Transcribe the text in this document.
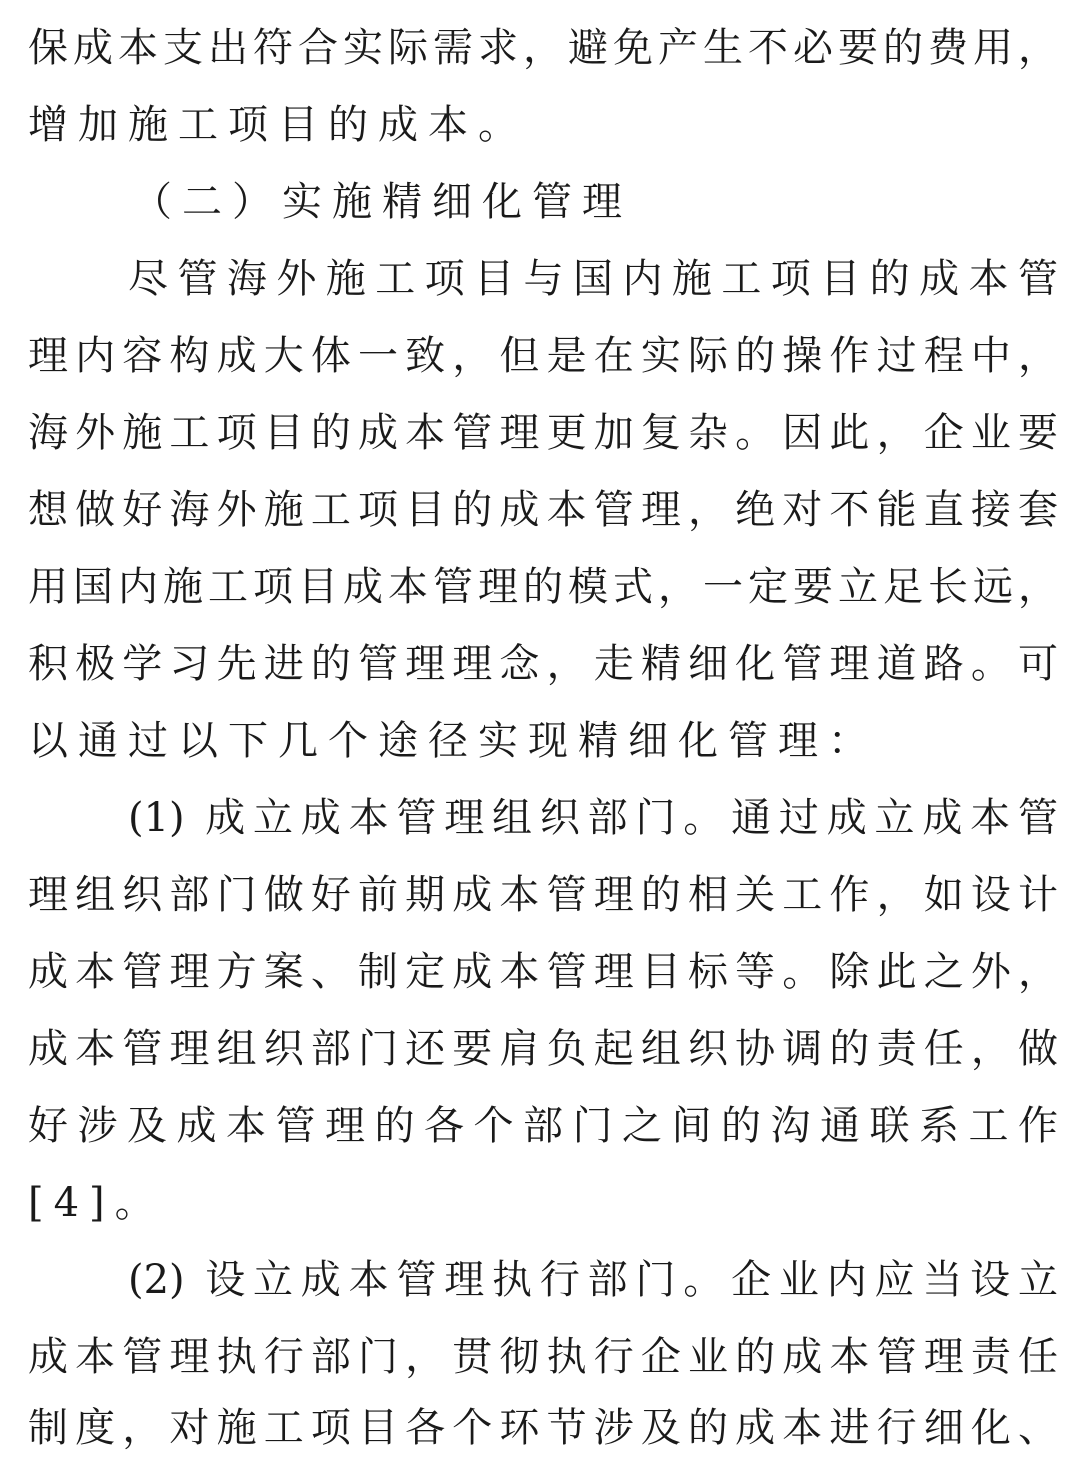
保成本支出符合实际需求，避免产生不必要的费用，
增加施工项目的成本。
（二）实施精细化管理
尽管海外施工项目与国内施工项目的成本管
理内容构成大体一致，但是在实际的操作过程中，
海外施工项目的成本管理更加复杂。因此，企业要
想做好海外施工项目的成本管理，绝对不能直接套
用国内施工项目成本管理的模式，一定要立足长远，
积极学习先进的管理理念，走精细化管理道路。可
以通过以下几个途径实现精细化管理：
(1) 成立成本管理组织部门。通过成立成本管
理组织部门做好前期成本管理的相关工作，如设计
成本管理方案、制定成本管理目标等。除此之外，
成本管理组织部门还要肩负起组织协调的责任，做
好涉及成本管理的各个部门之间的沟通联系工作
[4]。
(2) 设立成本管理执行部门。企业内应当设立
成本管理执行部门，贯彻执行企业的成本管理责任
制度，对施工项目各个环节涉及的成本进行细化、
